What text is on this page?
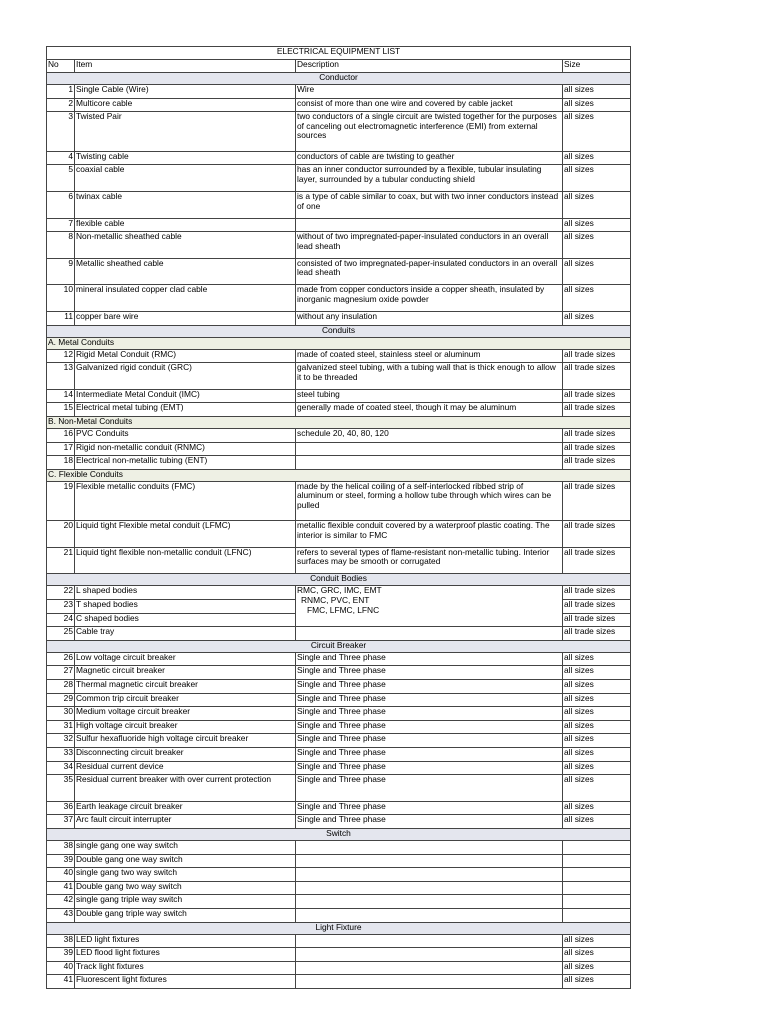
ELECTRICAL EQUIPMENT LIST			
No	Item	Description	Size
Conductor			
1	Single Cable (Wire)	Wire	all sizes
2	Multicore cable	consist of more than one wire and covered by cable jacket	all sizes
3	Twisted Pair	two conductors of a single circuit are twisted together for the purposes of canceling out electromagnetic interference (EMI) from external sources	all sizes
4	Twisting cable	conductors of cable are twisting to geather	all sizes
5	coaxial cable	has an inner conductor surrounded by a flexible, tubular insulating layer, surrounded by a tubular conducting shield	all sizes
6	twinax cable	is a type of cable similar to coax, but with two inner conductors instead of one	all sizes
7	flexible cable		all sizes
8	Non-metallic sheathed cable	without of two impregnated-paper-insulated conductors in an overall lead sheath	all sizes
9	Metallic sheathed cable	consisted of two impregnated-paper-insulated conductors in an overall lead sheath	all sizes
10	mineral insulated copper clad cable	made from copper conductors inside a copper sheath, insulated by inorganic magnesium oxide powder	all sizes
11	copper bare wire	without any insulation	all sizes
Conduits			
A. Metal Conduits			
12	Rigid Metal Conduit (RMC)	made of coated steel, stainless steel or aluminum	all trade sizes
13	Galvanized rigid conduit (GRC)	galvanized steel tubing, with a tubing wall that is thick enough to allow it to be threaded	all trade sizes
14	Intermediate Metal Conduit (IMC)	steel tubing	all trade sizes
15	Electrical metal tubing (EMT)	generally made of coated steel, though it may be aluminum	all trade sizes
B. Non-Metal Conduits			
16	PVC Conduits	schedule 20, 40, 80, 120	all trade sizes
17	Rigid non-metallic conduit (RNMC)		all trade sizes
18	Electrical non-metallic tubing (ENT)		all trade sizes
C. Flexible Conduits			
19	Flexible metallic conduits (FMC)	made by the helical coiling of a self-interlocked ribbed strip of aluminum or steel, forming a hollow tube through which wires can be pulled	all trade sizes
20	Liquid tight Flexible metal conduit (LFMC)	metallic flexible conduit covered by a waterproof plastic coating. The interior is similar to FMC	all trade sizes
21	Liquid tight flexible non-metallic conduit (LFNC)	refers to several types of flame-resistant non-metallic tubing. Interior surfaces may be smooth or corrugated	all trade sizes
Conduit Bodies			
22	L shaped bodies	RMC, GRC, IMC, EMT
RNMC, PVC, ENT
FMC, LFMC, LFNC	all trade sizes
23	T shaped bodies		all trade sizes
24	C shaped bodies		all trade sizes
25	Cable tray		all trade sizes
Circuit Breaker			
26	Low voltage circuit breaker	Single and Three phase	all sizes
27	Magnetic circuit breaker	Single and Three phase	all sizes
28	Thermal magnetic circuit breaker	Single and Three phase	all sizes
29	Common trip circuit breaker	Single and Three phase	all sizes
30	Medium voltage circuit breaker	Single and Three phase	all sizes
31	High voltage circuit breaker	Single and Three phase	all sizes
32	Sulfur hexafluoride high voltage circuit breaker	Single and Three phase	all sizes
33	Disconnecting circuit breaker	Single and Three phase	all sizes
34	Residual current device	Single and Three phase	all sizes
35	Residual current breaker with over current protection	Single and Three phase	all sizes
36	Earth leakage circuit breaker	Single and Three phase	all sizes
37	Arc fault circuit interrupter	Single and Three phase	all sizes
Switch			
38	single gang one way switch		
39	Double gang one way switch		
40	single gang two way switch		
41	Double gang two way switch		
42	single gang triple way switch		
43	Double gang triple way switch		
Light Fixture			
38	LED light fixtures		all sizes
39	LED flood light fixtures		all sizes
40	Track light fixtures		all sizes
41	Fluorescent light fixtures		all sizes
